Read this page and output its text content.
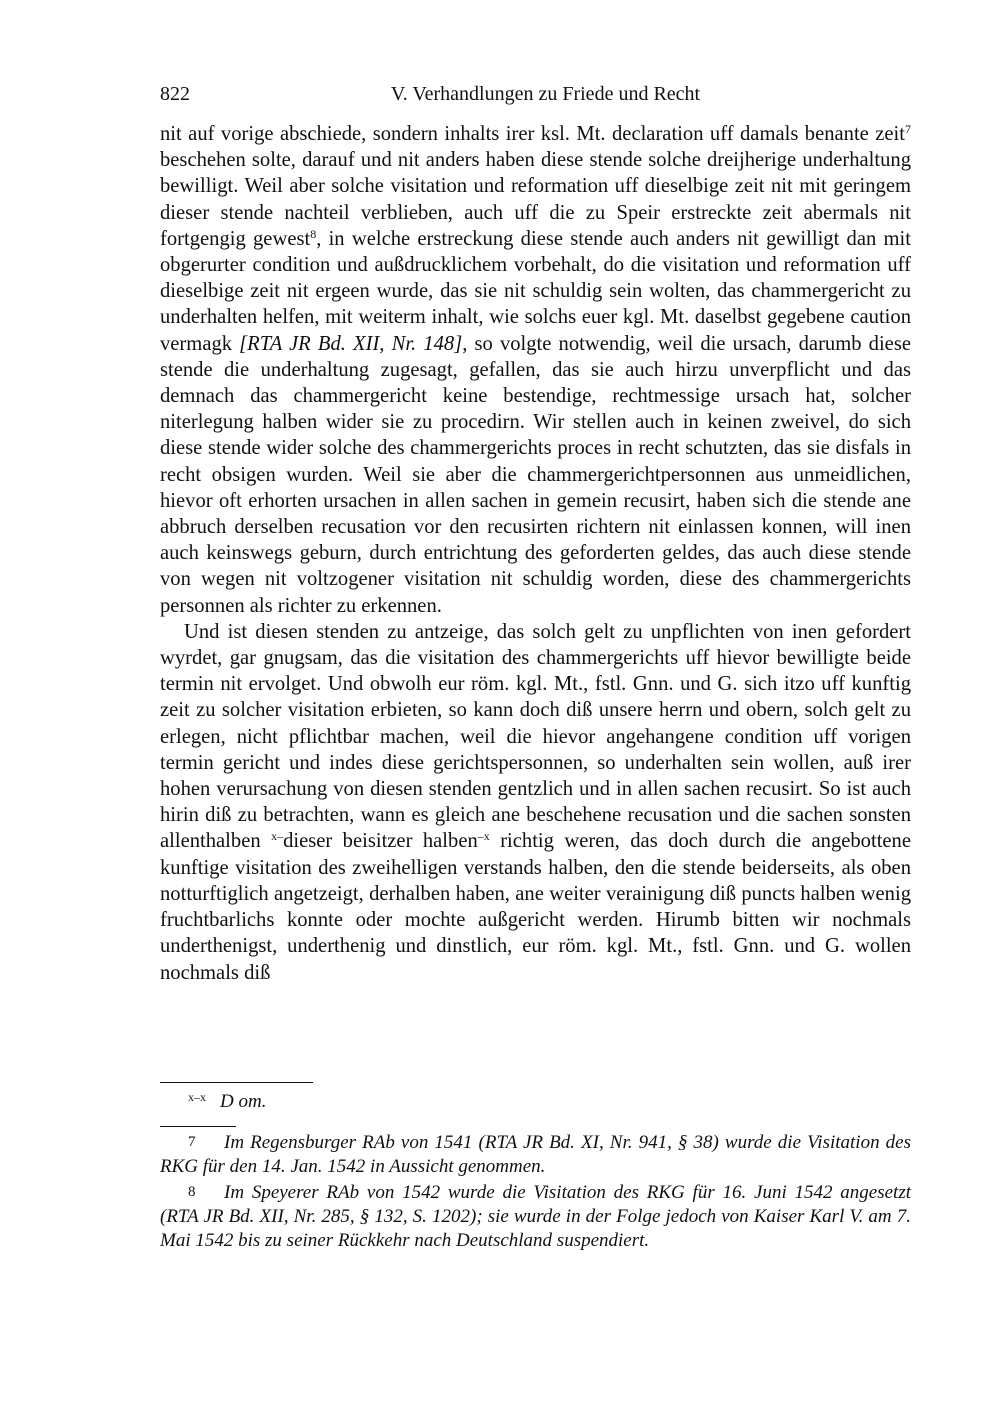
822	V. Verhandlungen zu Friede und Recht

nit auf vorige abschiede, sondern inhalts irer ksl. Mt. declaration uff damals benante zeit$^7$ beschehen solte, darauf und nit anders haben diese stende solche dreijherige underhaltung bewilligt. Weil aber solche visitation und reformation uff dieselbige zeit nit mit geringem dieser stende nachteil verblieben, auch uff die zu Speir erstreckte zeit abermals nit fortgengig gewest$^8$, in welche erstreckung diese stende auch anders nit gewilligt dan mit obgerurter condition und außdrucklichem vorbehalt, do die visitation und reformation uff dieselbige zeit nit ergeen wurde, das sie nit schuldig sein wolten, das chammergericht zu underhalten helfen, mit weiterm inhalt, wie solchs euer kgl. Mt. daselbst gegebene caution vermagk [RTA JR Bd. XII, Nr. 148], so volgte notwendig, weil die ursach, darumb diese stende die underhaltung zugesagt, gefallen, das sie auch hirzu unverpflicht und das demnach das chammergericht keine bestendige, rechtmessige ursach hat, solcher niterlegung halben wider sie zu procedirn. Wir stellen auch in keinen zweivel, do sich diese stende wider solche des chammergerichts proces in recht schutzten, das sie disfals in recht obsigen wurden. Weil sie aber die chammergerichtpersonnen aus unmeidlichen, hievor oft erhorten ursachen in allen sachen in gemein recusirt, haben sich die stende ane abbruch derselben recusation vor den recusirten richtern nit einlassen konnen, will inen auch keinswegs geburn, durch entrichtung des geforderten geldes, das auch diese stende von wegen nit voltzogener visitation nit schuldig worden, diese des chammergerichts personnen als richter zu erkennen.

Und ist diesen stenden zu antzeige, das solch gelt zu unpflichten von inen gefordert wyrdet, gar gnugsam, das die visitation des chammergerichts uff hievor bewilligte beide termin nit ervolget. Und obwolh eur röm. kgl. Mt., fstl. Gnn. und G. sich itzo uff kunftig zeit zu solcher visitation erbieten, so kann doch diß unsere herrn und obern, solch gelt zu erlegen, nicht pflichtbar machen, weil die hievor angehangene condition uff vorigen termin gericht und indes diese gerichtspersonnen, so underhalten sein wollen, auß irer hohen verursachung von diesen stenden gentzlich und in allen sachen recusirt. So ist auch hirin diß zu betrachten, wann es gleich ane beschehene recusation und die sachen sonsten allenthalben $^{x-}$dieser beisitzer halben$^{-x}$ richtig weren, das doch durch die angebottene kunftige visitation des zweihelligen verstands halben, den die stende beiderseits, als oben notturftiglich angetzeigt, derhalben haben, ane weiter verainigung diß puncts halben wenig fruchtbarlichs konnte oder mochte außgericht werden. Hirumb bitten wir nochmals underthenigst, underthenig und dinstlich, eur röm. kgl. Mt., fstl. Gnn. und G. wollen nochmals diß

$^{x-x}$ D om.

7 Im Regensburger RAb von 1541 (RTA JR Bd. XI, Nr. 941, § 38) wurde die Visitation des RKG für den 14. Jan. 1542 in Aussicht genommen.

8 Im Speyerer RAb von 1542 wurde die Visitation des RKG für 16. Juni 1542 angesetzt (RTA JR Bd. XII, Nr. 285, § 132, S. 1202); sie wurde in der Folge jedoch von Kaiser Karl V. am 7. Mai 1542 bis zu seiner Rückkehr nach Deutschland suspendiert.
